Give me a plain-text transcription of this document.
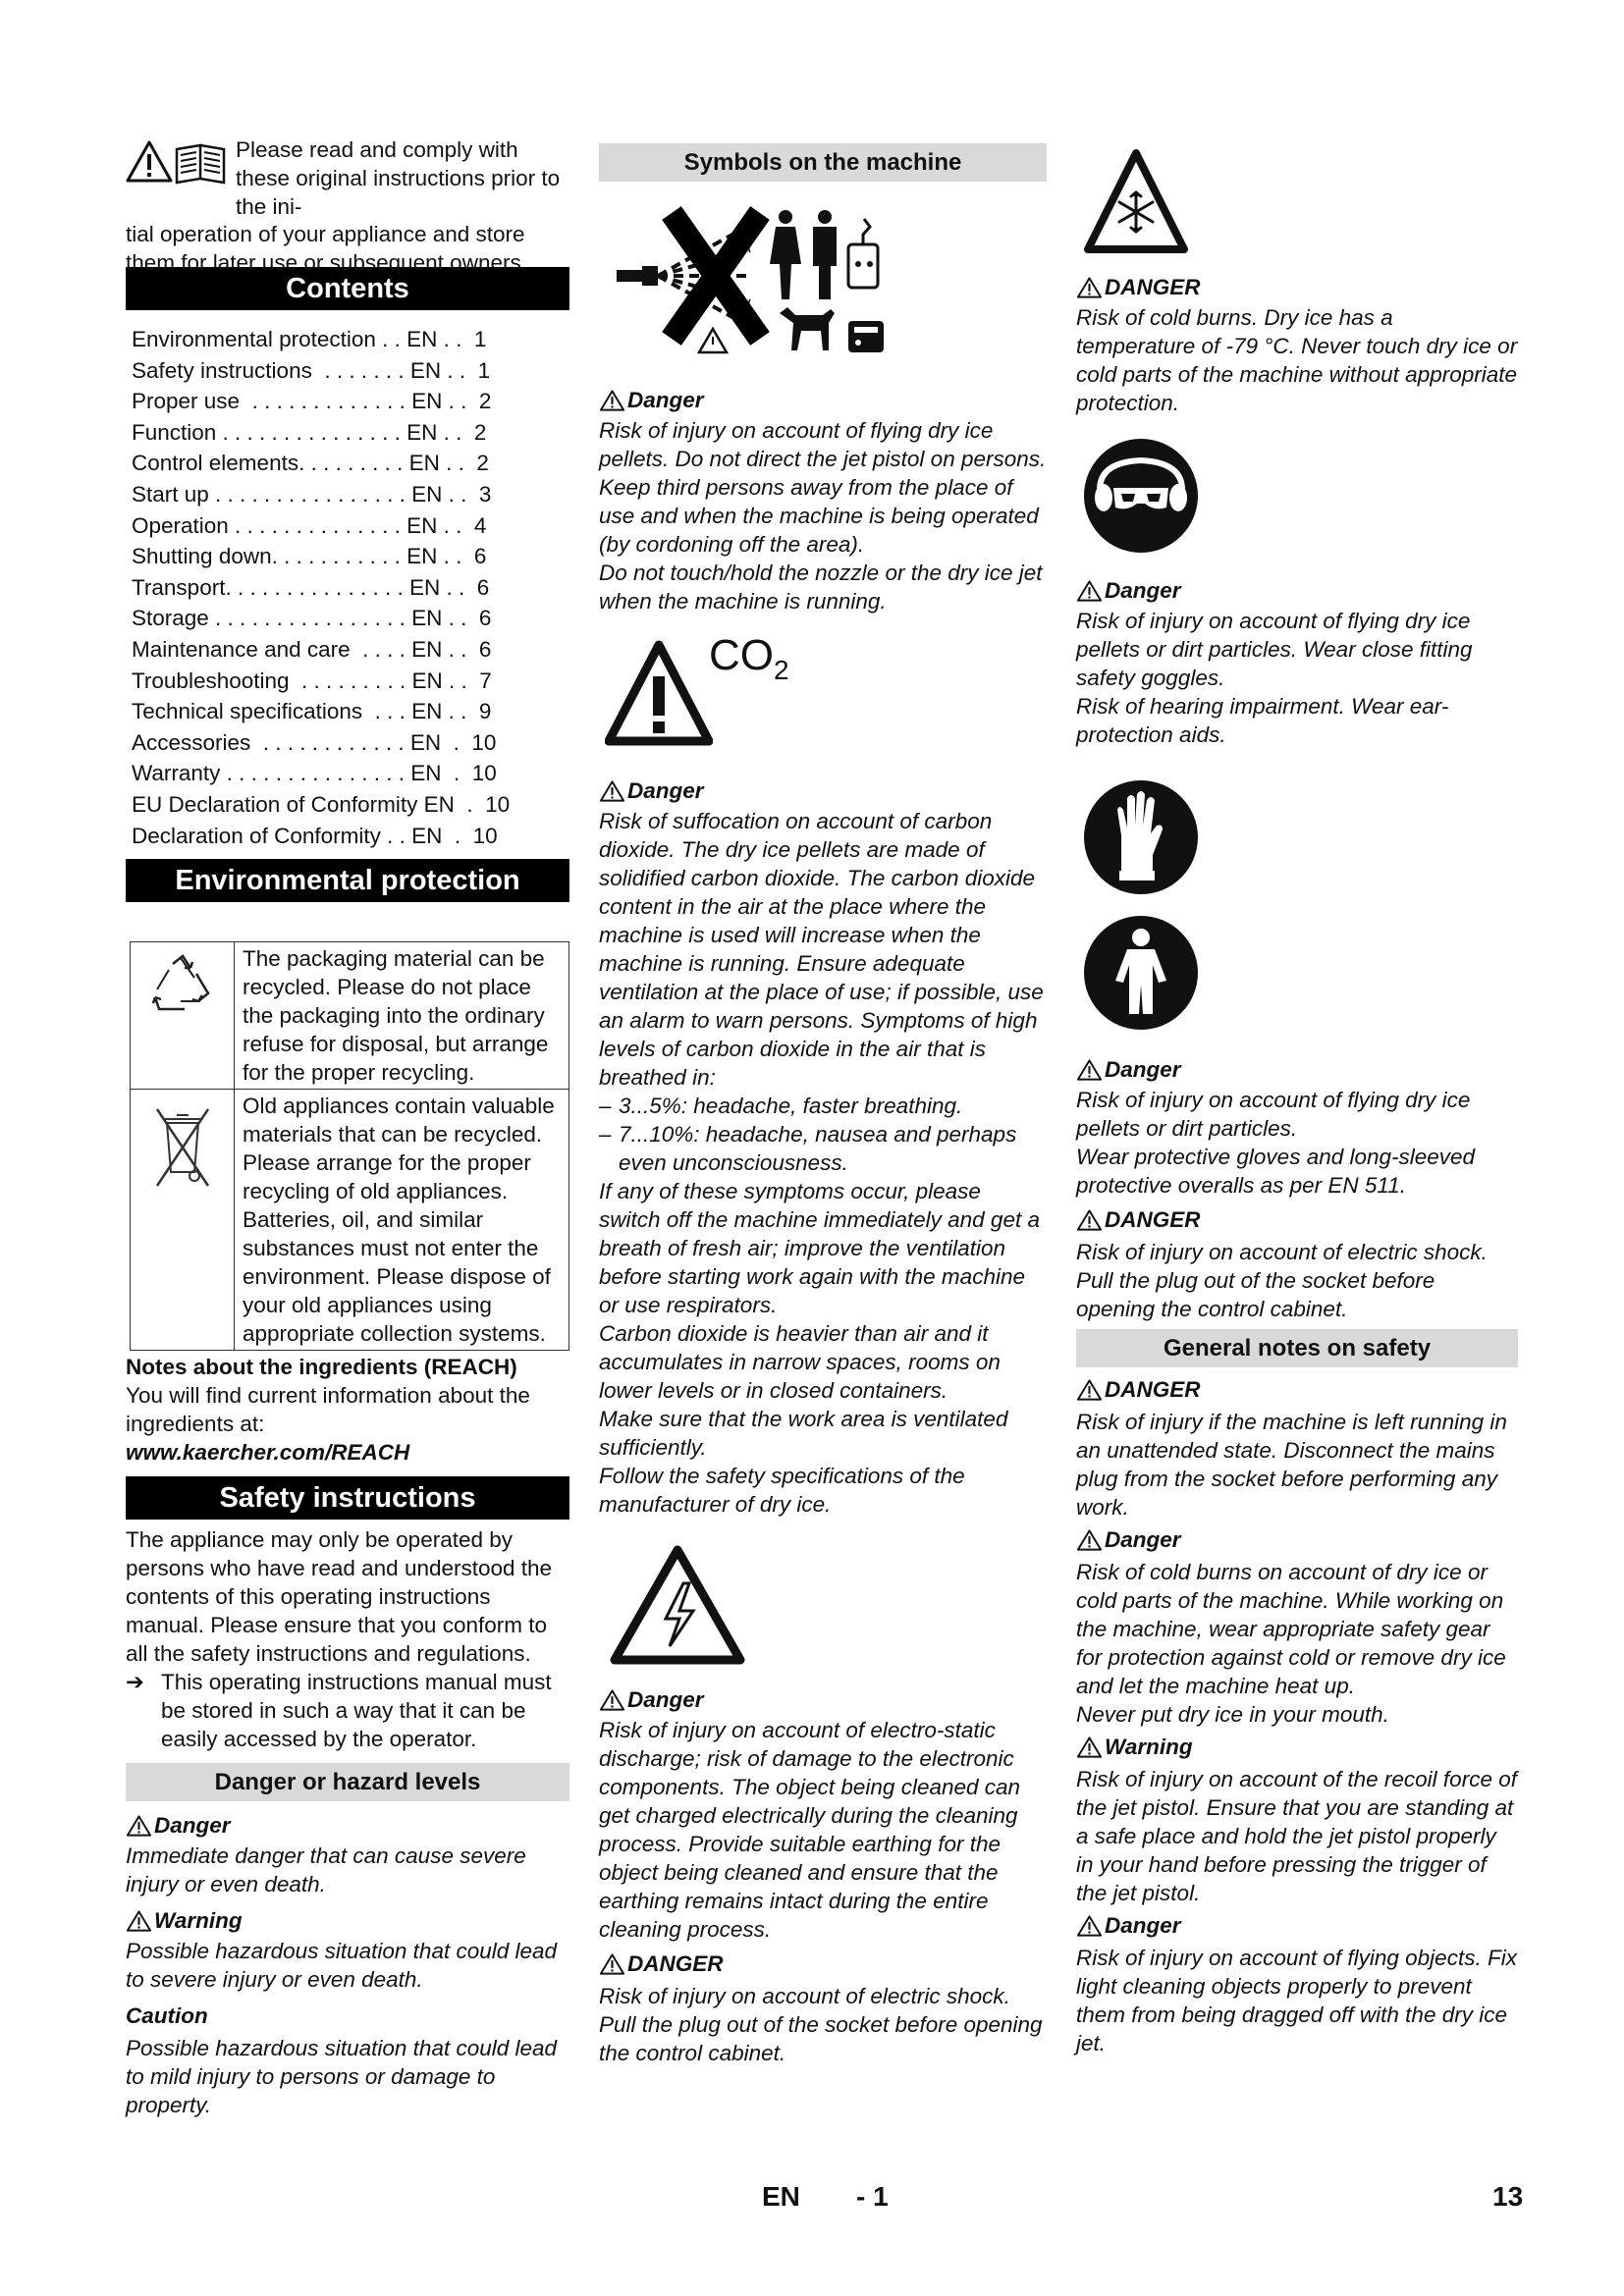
Please read and comply with these original instructions prior to the ini-

tial operation of your appliance and store them for later use or subsequent owners.

Contents
Environmental protection . . EN . .  1
Safety instructions  . . . . . . . EN . .  1
Proper use  . . . . . . . . . . . . . EN . .  2
Function . . . . . . . . . . . . . . . EN . .  2
Control elements. . . . . . . . . EN . .  2
Start up . . . . . . . . . . . . . . . . EN . .  3
Operation . . . . . . . . . . . . . . EN . .  4
Shutting down. . . . . . . . . . . EN . .  6
Transport. . . . . . . . . . . . . . . EN . .  6
Storage . . . . . . . . . . . . . . . . EN . .  6
Maintenance and care  . . . . EN . .  6
Troubleshooting  . . . . . . . . . EN . .  7
Technical specifications  . . . EN . .  9
Accessories  . . . . . . . . . . . . EN  .  10
Warranty . . . . . . . . . . . . . . . EN  .  10
EU Declaration of Conformity EN  .  10
Declaration of Conformity . . EN  .  10
Environmental protection
	The packaging material can be recycled. Please do not place the packaging into the ordinary refuse for disposal, but arrange for the proper recycling.
	Old appliances contain valuable materials that can be recycled. Please arrange for the proper recycling of old appliances. Batteries, oil, and similar substances must not enter the environment. Please dispose of your old appliances using appropriate collection systems.

Notes about the ingredients (REACH)

You will find current information about the ingredients at:

www.kaercher.com/REACH

Safety instructions

The appliance may only be operated by persons who have read and understood the contents of this operating instructions manual. Please ensure that you conform to all the safety instructions and regulations.

➔ This operating instructions manual must be stored in such a way that it can be easily accessed by the operator.
Danger or hazard levels
Danger

Immediate danger that can cause severe injury or even death.

Warning

Possible hazardous situation that could lead to severe injury or even death.

Caution

Possible hazardous situation that could lead to mild injury to persons or damage to property.

Symbols on the machine
Danger

Risk of injury on account of flying dry ice pellets. Do not direct the jet pistol on persons. Keep third persons away from the place of use and when the machine is being operated (by cordoning off the area).

Do not touch/hold the nozzle or the dry ice jet when the machine is running.

$CO_2$
Danger

Risk of suffocation on account of carbon dioxide. The dry ice pellets are made of solidified carbon dioxide. The carbon dioxide content in the air at the place where the machine is used will increase when the machine is running. Ensure adequate ventilation at the place of use; if possible, use an alarm to warn persons. Symptoms of high levels of carbon dioxide in the air that is breathed in:

– 3...5%: headache, faster breathing.
– 7...10%: headache, nausea and perhaps even unconsciousness.

If any of these symptoms occur, please switch off the machine immediately and get a breath of fresh air; improve the ventilation before starting work again with the machine or use respirators.

Carbon dioxide is heavier than air and it accumulates in narrow spaces, rooms on lower levels or in closed containers.

Make sure that the work area is ventilated sufficiently.

Follow the safety specifications of the manufacturer of dry ice.

Danger

Risk of injury on account of electro-static discharge; risk of damage to the electronic components. The object being cleaned can get charged electrically during the cleaning process. Provide suitable earthing for the object being cleaned and ensure that the earthing remains intact during the entire cleaning process.

DANGER

Risk of injury on account of electric shock. Pull the plug out of the socket before opening the control cabinet.

DANGER

Risk of cold burns. Dry ice has a temperature of -79 °C. Never touch dry ice or cold parts of the machine without appropriate protection.

Danger

Risk of injury on account of flying dry ice pellets or dirt particles. Wear close fitting safety goggles.

Risk of hearing impairment. Wear ear-protection aids.

Danger

Risk of injury on account of flying dry ice pellets or dirt particles.

Wear protective gloves and long-sleeved protective overalls as per EN 511.

DANGER

Risk of injury on account of electric shock. Pull the plug out of the socket before opening the control cabinet.

General notes on safety
DANGER

Risk of injury if the machine is left running in an unattended state. Disconnect the mains plug from the socket before performing any work.

Danger

Risk of cold burns on account of dry ice or cold parts of the machine. While working on the machine, wear appropriate safety gear for protection against cold or remove dry ice and let the machine heat up.

Never put dry ice in your mouth.

Warning

Risk of injury on account of the recoil force of the jet pistol. Ensure that you are standing at a safe place and hold the jet pistol properly in your hand before pressing the trigger of the jet pistol.

Danger

Risk of injury on account of flying objects. Fix light cleaning objects properly to prevent them from being dragged off with the dry ice jet.

EN - 1	13
